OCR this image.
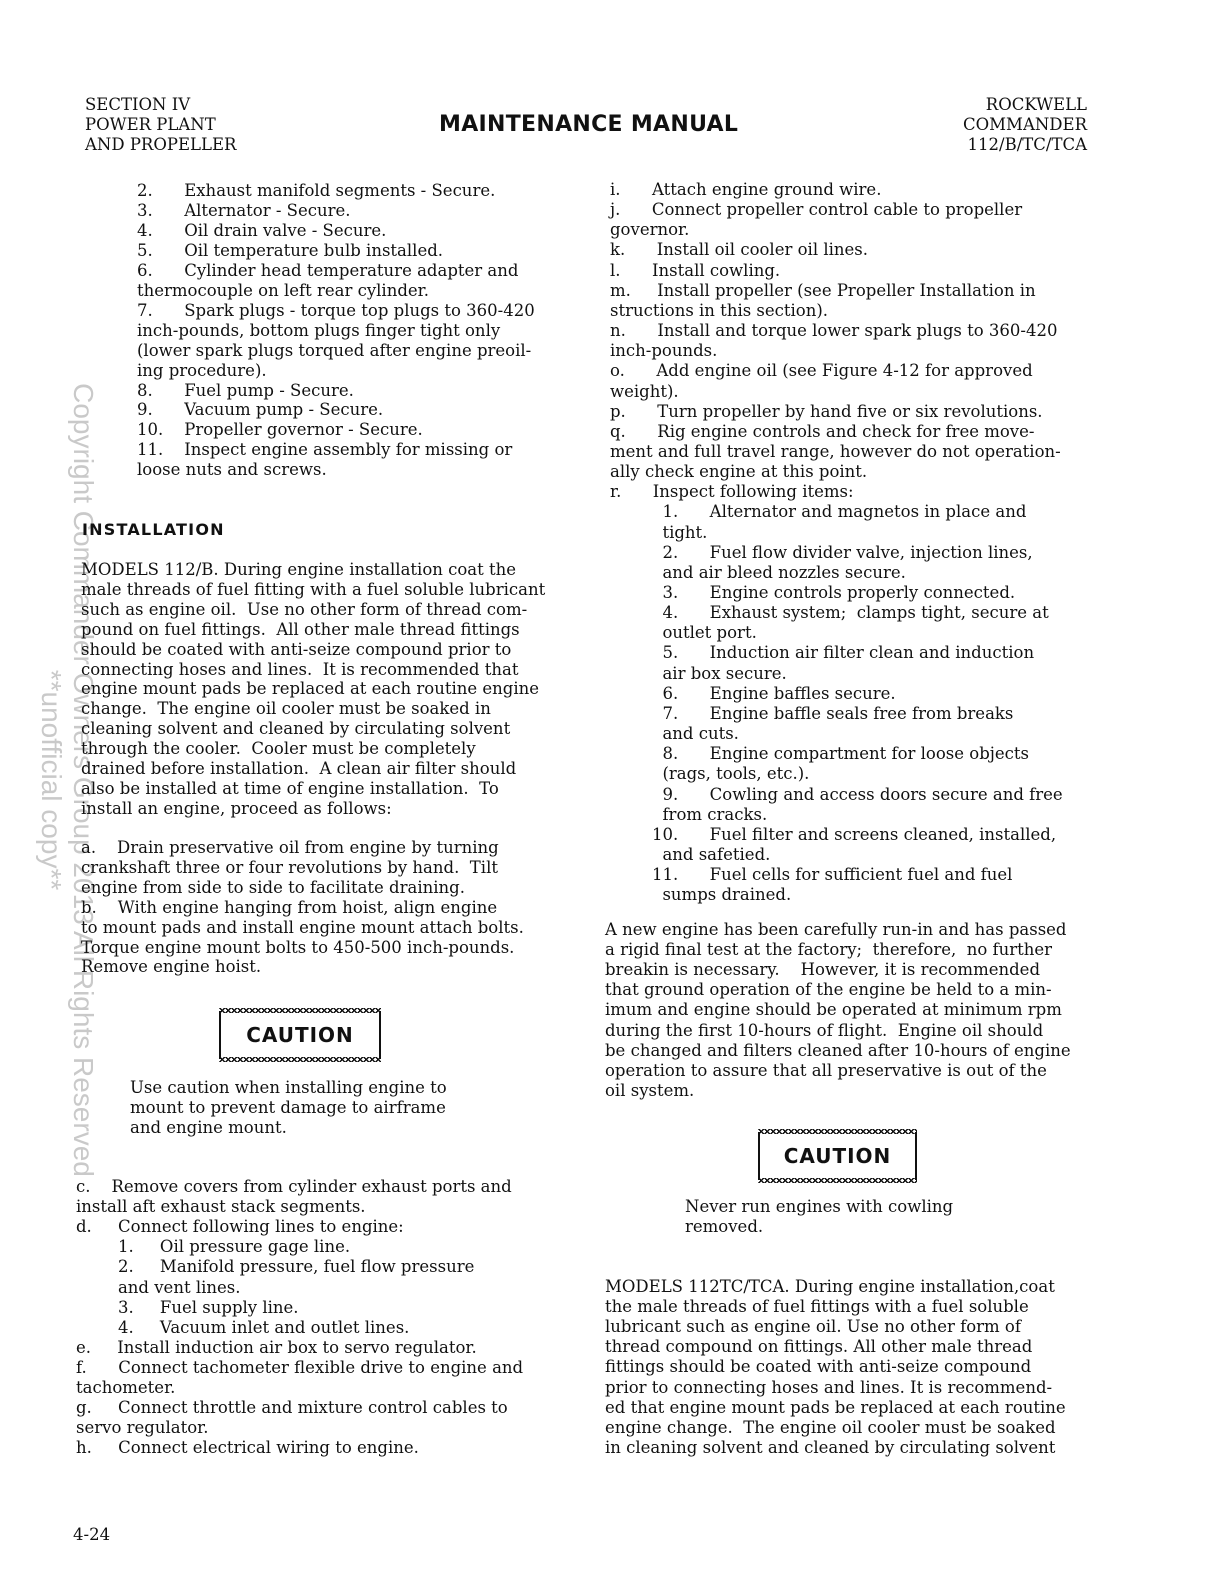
SECTION IV
POWER PLANT
AND PROPELLER
MAINTENANCE MANUAL
ROCKWELL
COMMANDER
112/B/TC/TCA
Copyright Commander Owners Group 2013 All Rights Reserved
**unofficial copy**
2.      Exhaust manifold segments - Secure.
3.      Alternator - Secure.
4.      Oil drain valve - Secure.
5.      Oil temperature bulb installed.
6.      Cylinder head temperature adapter and
thermocouple on left rear cylinder.
7.      Spark plugs - torque top plugs to 360-420
inch-pounds, bottom plugs finger tight only
(lower spark plugs torqued after engine preoil-
ing procedure).
8.      Fuel pump - Secure.
9.      Vacuum pump - Secure.
10.    Propeller governor - Secure.
11.    Inspect engine assembly for missing or
loose nuts and screws.
INSTALLATION
MODELS 112/B. During engine installation coat the
male threads of fuel fitting with a fuel soluble lubricant
such as engine oil.  Use no other form of thread com-
pound on fuel fittings.  All other male thread fittings
should be coated with anti-seize compound prior to
connecting hoses and lines.  It is recommended that
engine mount pads be replaced at each routine engine
change.  The engine oil cooler must be soaked in
cleaning solvent and cleaned by circulating solvent
through the cooler.  Cooler must be completely
drained before installation.  A clean air filter should
also be installed at time of engine installation.  To
install an engine, proceed as follows:
a.    Drain preservative oil from engine by turning
crankshaft three or four revolutions by hand.  Tilt
engine from side to side to facilitate draining.
b.    With engine hanging from hoist, align engine
to mount pads and install engine mount attach bolts.
Torque engine mount bolts to 450-500 inch-pounds.
Remove engine hoist.
CAUTION
Use caution when installing engine to
mount to prevent damage to airframe
and engine mount.
c.    Remove covers from cylinder exhaust ports and
install aft exhaust stack segments.
d.     Connect following lines to engine:
1.     Oil pressure gage line.
2.     Manifold pressure, fuel flow pressure
and vent lines.
3.     Fuel supply line.
4.     Vacuum inlet and outlet lines.
e.     Install induction air box to servo regulator.
f.      Connect tachometer flexible drive to engine and
tachometer.
g.     Connect throttle and mixture control cables to
servo regulator.
h.     Connect electrical wiring to engine.
i.      Attach engine ground wire.
j.      Connect propeller control cable to propeller
governor.
k.      Install oil cooler oil lines.
l.      Install cowling.
m.     Install propeller (see Propeller Installation in
structions in this section).
n.      Install and torque lower spark plugs to 360-420
inch-pounds.
o.      Add engine oil (see Figure 4-12 for approved
weight).
p.      Turn propeller by hand five or six revolutions.
q.      Rig engine controls and check for free move-
ment and full travel range, however do not operation-
ally check engine at this point.
r.      Inspect following items:
1.      Alternator and magnetos in place and
tight.
2.      Fuel flow divider valve, injection lines,
and air bleed nozzles secure.
3.      Engine controls properly connected.
4.      Exhaust system;  clamps tight, secure at
outlet port.
5.      Induction air filter clean and induction
air box secure.
6.      Engine baffles secure.
7.      Engine baffle seals free from breaks
and cuts.
8.      Engine compartment for loose objects
(rags, tools, etc.).
9.      Cowling and access doors secure and free
from cracks.
10.      Fuel filter and screens cleaned, installed,
and safetied.
11.      Fuel cells for sufficient fuel and fuel
sumps drained.
A new engine has been carefully run-in and has passed
a rigid final test at the factory;  therefore,  no further
breakin is necessary.    However, it is recommended
that ground operation of the engine be held to a min-
imum and engine should be operated at minimum rpm
during the first 10-hours of flight.  Engine oil should
be changed and filters cleaned after 10-hours of engine
operation to assure that all preservative is out of the
oil system.
CAUTION
Never run engines with cowling
removed.
MODELS 112TC/TCA. During engine installation,coat
the male threads of fuel fittings with a fuel soluble
lubricant such as engine oil. Use no other form of
thread compound on fittings. All other male thread
fittings should be coated with anti-seize compound
prior to connecting hoses and lines. It is recommend-
ed that engine mount pads be replaced at each routine
engine change.  The engine oil cooler must be soaked
in cleaning solvent and cleaned by circulating solvent
4-24
